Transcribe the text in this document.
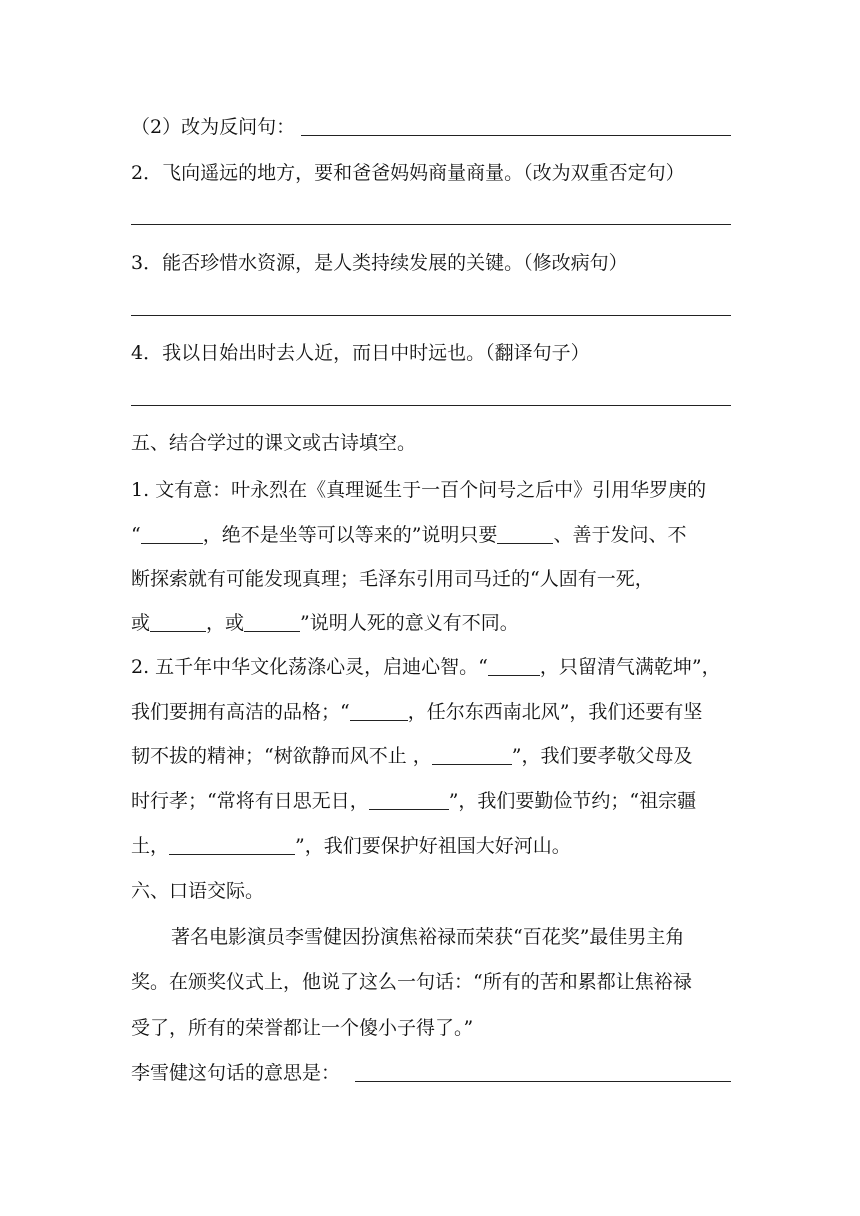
（2）改为反问句：
2．飞向遥远的地方，要和爸爸妈妈商量商量。（改为双重否定句）
3．能否珍惜水资源，是人类持续发展的关键。（修改病句）
4．我以日始出时去人近，而日中时远也。（翻译句子）
五、结合学过的课文或古诗填空。
1. 文有意：叶永烈在《真理诞生于一百个问号之后中》引用华罗庚的
“	，绝不是坐等可以等来的”说明只要	、善于发问、不
断探索就有可能发现真理；毛泽东引用司马迁的“人固有一死，
或	，或	”说明人死的意义有不同。
2. 五千年中华文化荡涤心灵，启迪心智。“	，只留清气满乾坤”，
我们要拥有高洁的品格；“	，任尔东西南北风”，我们还要有坚
韧不拔的精神；“树欲静而风不止 ，	”，我们要孝敬父母及
时行孝；“常将有日思无日，	”，我们要勤俭节约；“祖宗疆
土，	”，我们要保护好祖国大好河山。
六、口语交际。
著名电影演员李雪健因扮演焦裕禄而荣获“百花奖”最佳男主角
奖。在颁奖仪式上，他说了这么一句话：“所有的苦和累都让焦裕禄
受了，所有的荣誉都让一个傻小子得了。”
李雪健这句话的意思是：
